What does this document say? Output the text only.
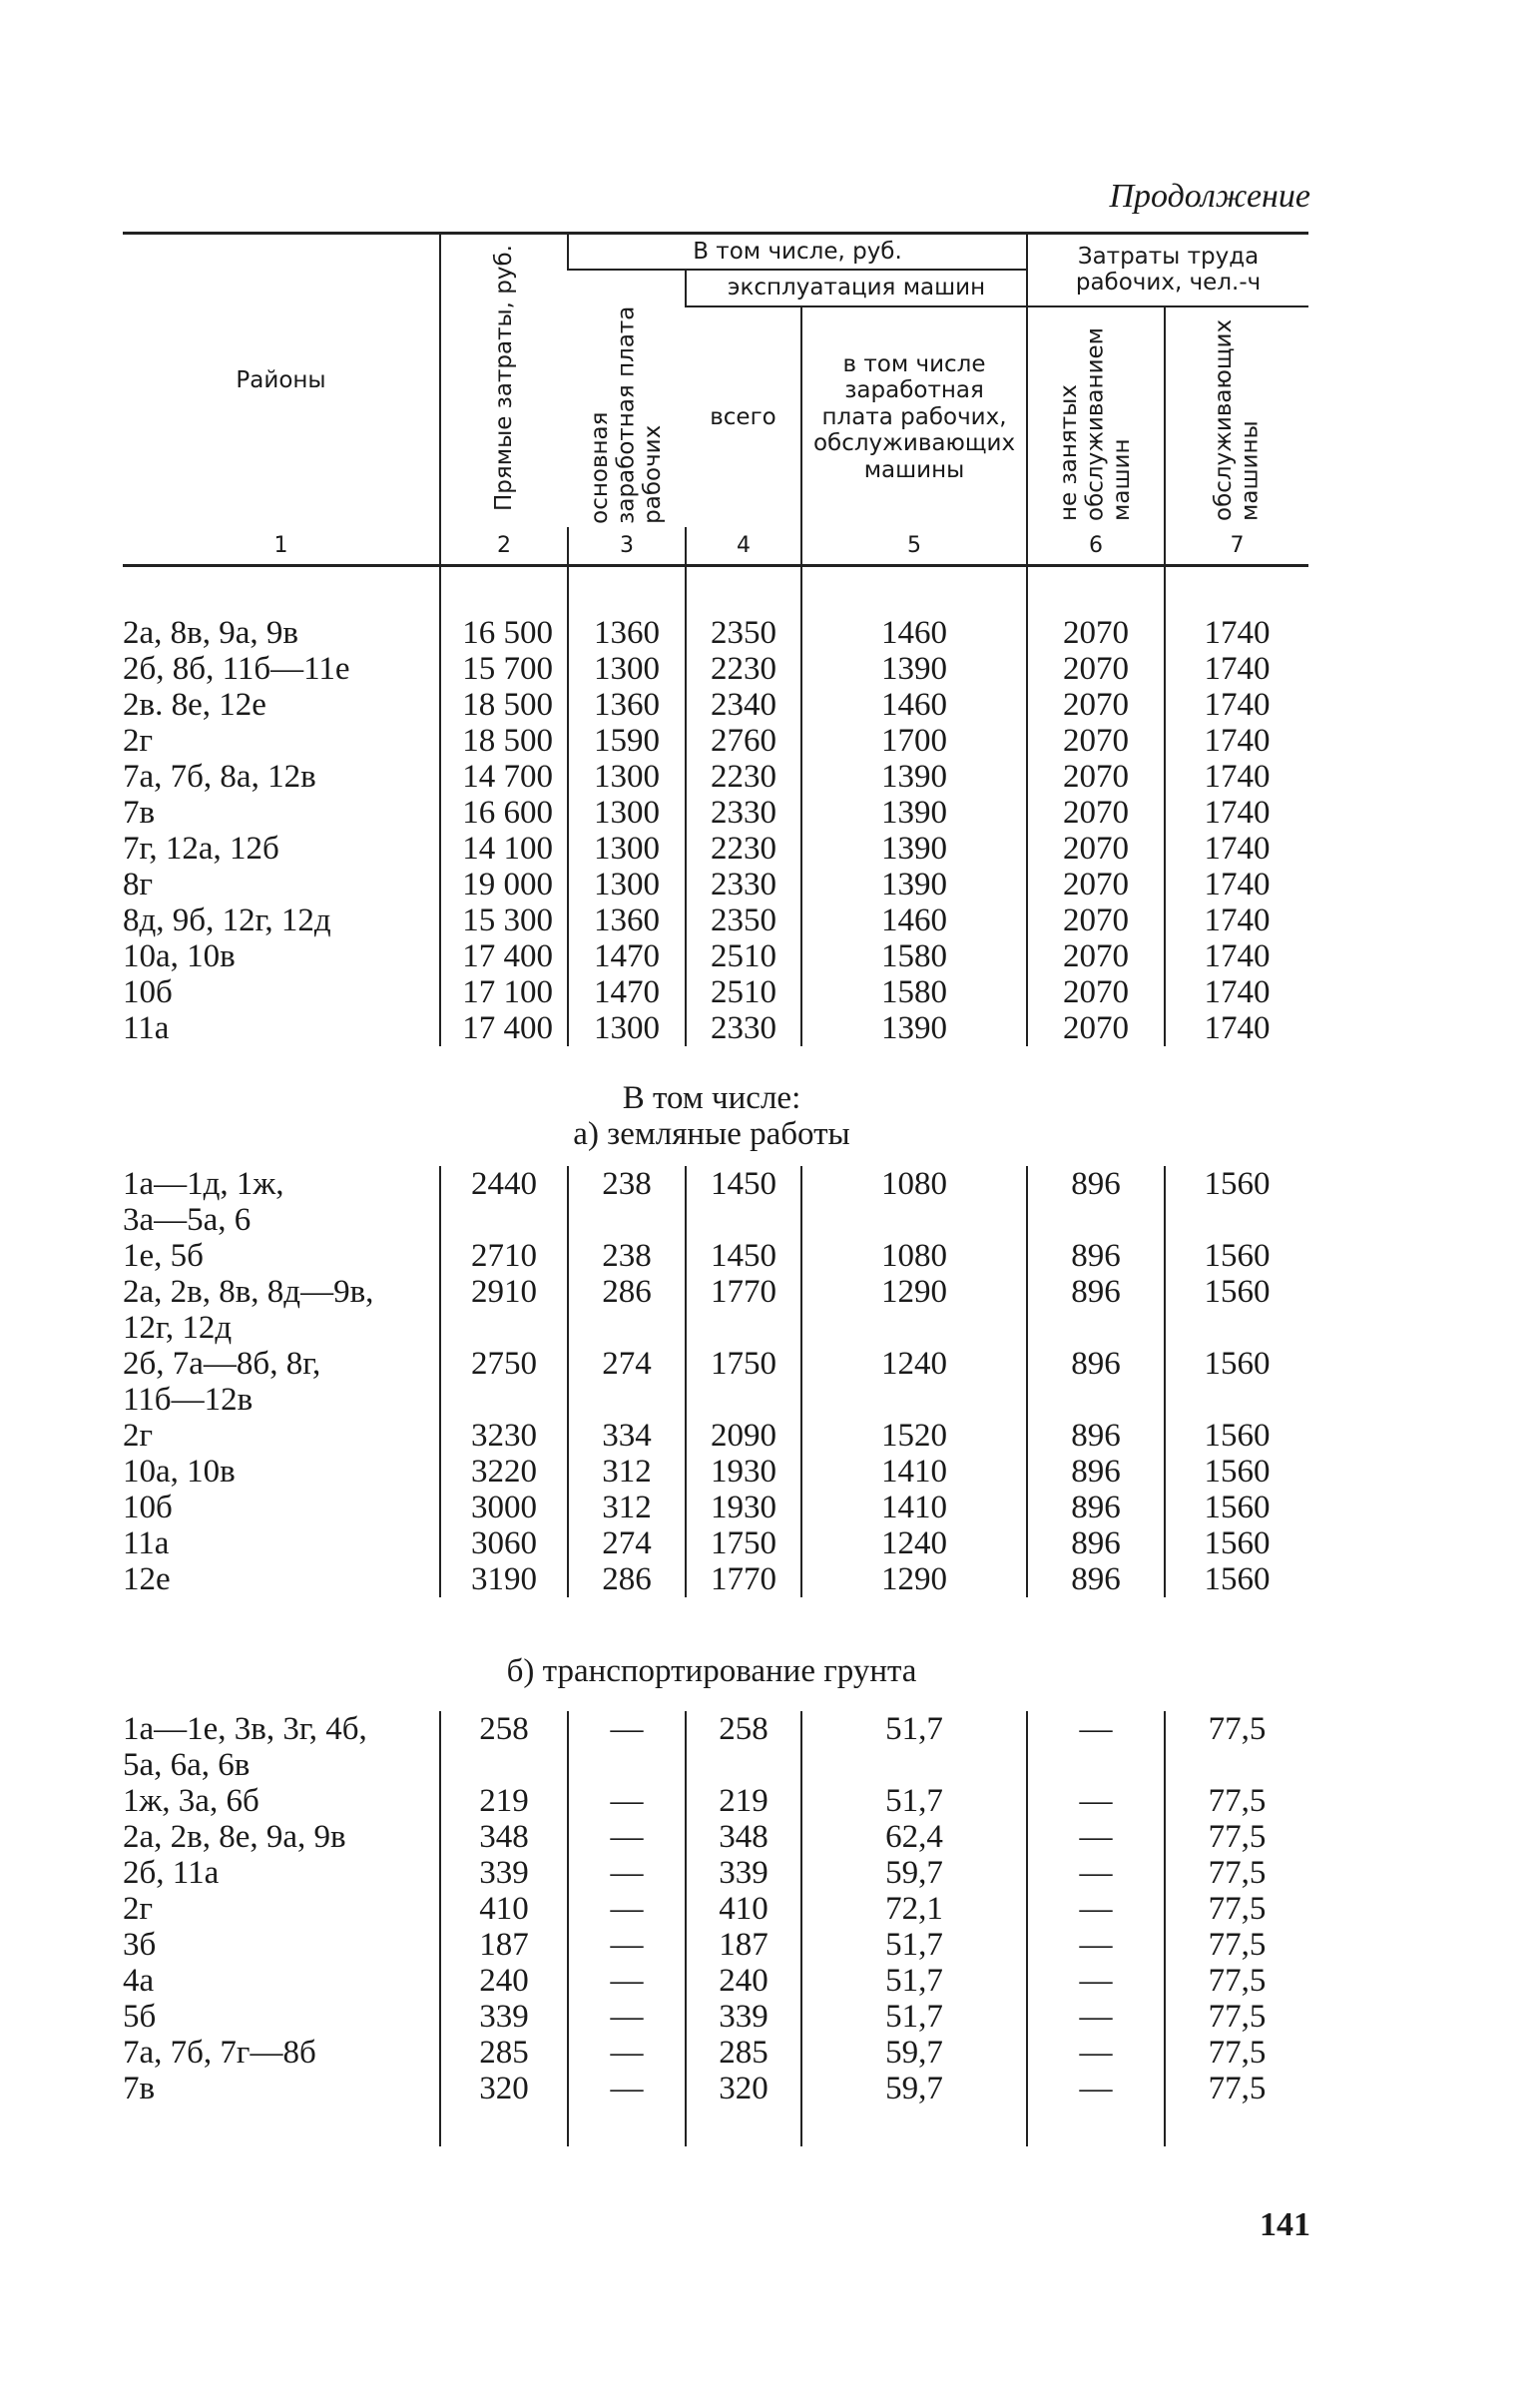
Продолжение
Районы	Прямые затраты, руб.	В том числе, руб.			Затраты труда рабочих, чел.-ч	
		основная заработная плата рабочих	эксплуатация машин			
			всего	в том числе заработная плата рабочих, обслуживающих машины	не занятых обслуживанием машин	обслуживающих машины
1	2	3	4	5	6	7

2а, 8в, 9а, 9в	16 500	1360	2350	1460	2070	1740
2б, 8б, 11б—11е	15 700	1300	2230	1390	2070	1740
2в. 8е, 12е	18 500	1360	2340	1460	2070	1740
2г	18 500	1590	2760	1700	2070	1740
7а, 7б, 8а, 12в	14 700	1300	2230	1390	2070	1740
7в	16 600	1300	2330	1390	2070	1740
7г, 12а, 12б	14 100	1300	2230	1390	2070	1740
8г	19 000	1300	2330	1390	2070	1740
8д, 9б, 12г, 12д	15 300	1360	2350	1460	2070	1740
10а, 10в	17 400	1470	2510	1580	2070	1740
10б	17 100	1470	2510	1580	2070	1740
11а	17 400	1300	2330	1390	2070	1740
В том числе:						
а) земляные работы						
1а—1д, 1ж,	2440	238	1450	1080	896	1560
3а—5а, 6						
1е, 5б	2710	238	1450	1080	896	1560
2а, 2в, 8в, 8д—9в,	2910	286	1770	1290	896	1560
12г, 12д						
2б, 7а—8б, 8г,	2750	274	1750	1240	896	1560
11б—12в						
2г	3230	334	2090	1520	896	1560
10а, 10в	3220	312	1930	1410	896	1560
10б	3000	312	1930	1410	896	1560
11а	3060	274	1750	1240	896	1560
12е	3190	286	1770	1290	896	1560
б) транспортирование грунта						
1а—1е, 3в, 3г, 4б,	258	—	258	51,7	—	77,5
5а, 6а, 6в						
1ж, 3а, 6б	219	—	219	51,7	—	77,5
2а, 2в, 8е, 9а, 9в	348	—	348	62,4	—	77,5
2б, 11а	339	—	339	59,7	—	77,5
2г	410	—	410	72,1	—	77,5
3б	187	—	187	51,7	—	77,5
4а	240	—	240	51,7	—	77,5
5б	339	—	339	51,7	—	77,5
7а, 7б, 7г—8б	285	—	285	59,7	—	77,5
7в	320	—	320	59,7	—	77,5
141
